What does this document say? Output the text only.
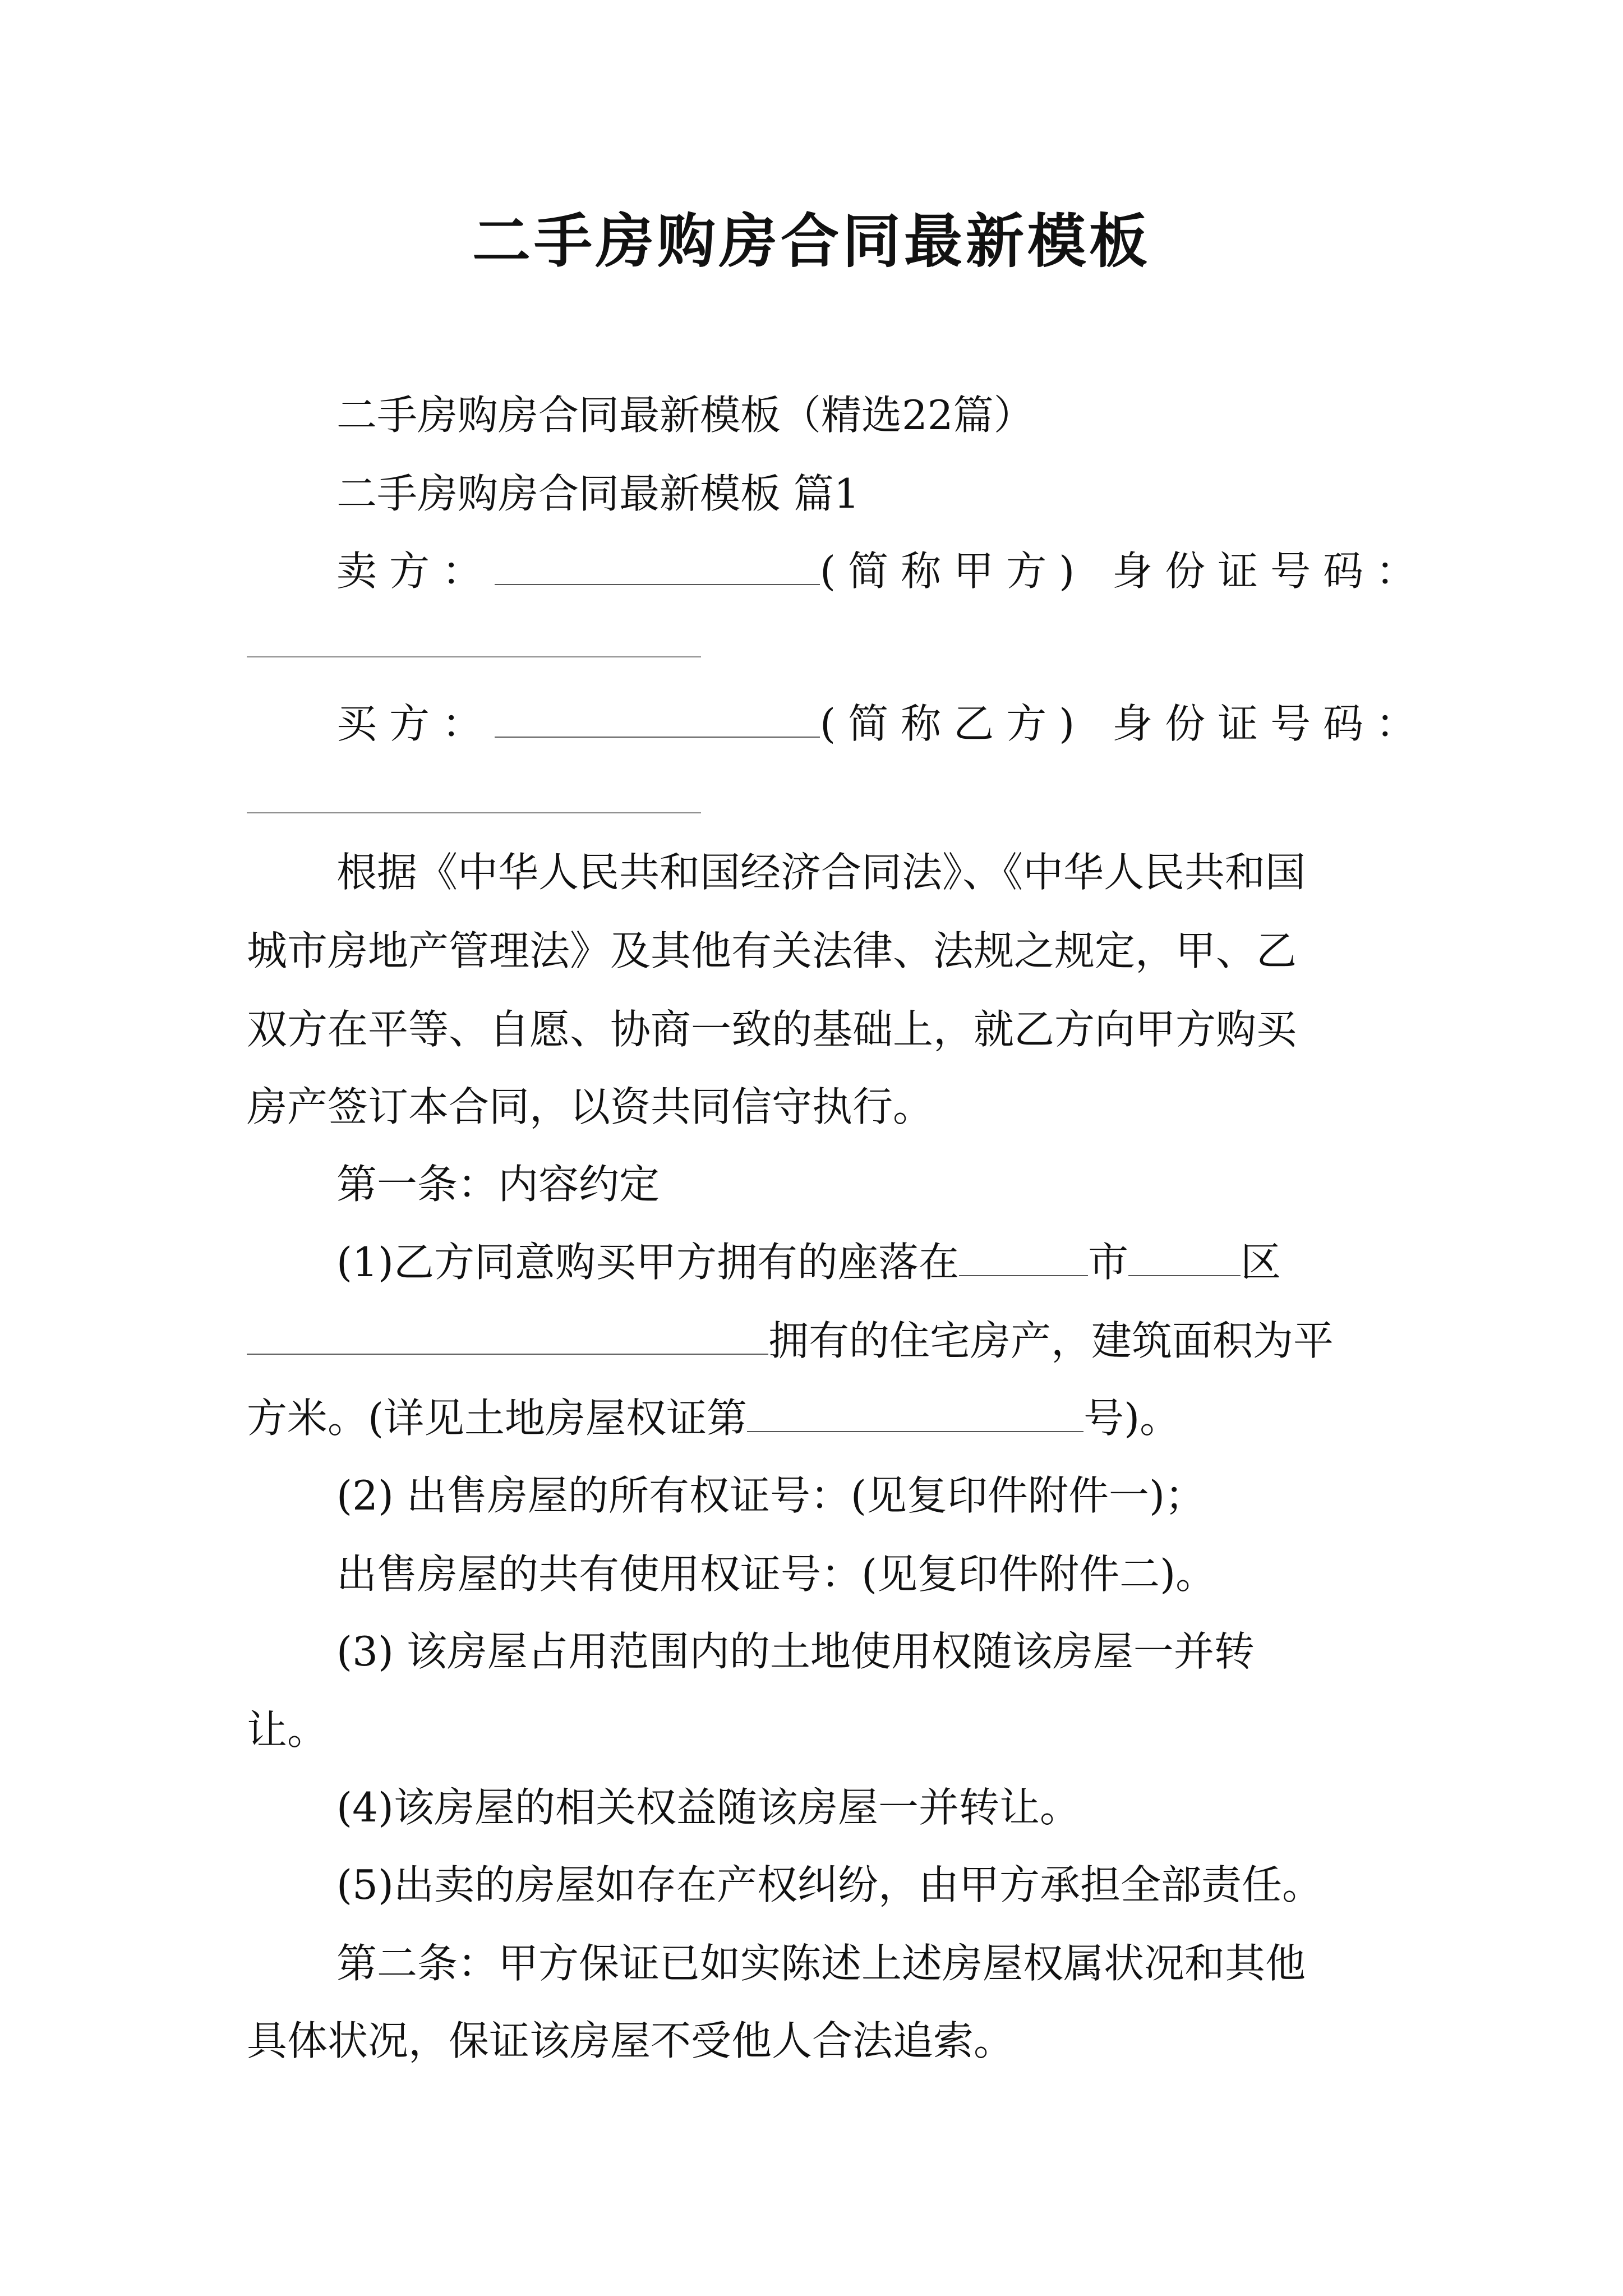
二手房购房合同最新模板
二手房购房合同最新模板（精选22篇）
二手房购房合同最新模板 篇1
卖方：	(简称甲方) 身份证号码：
买方：	(简称乙方) 身份证号码：
根据《中华人民共和国经济合同法》、《中华人民共和国
城市房地产管理法》及其他有关法律、法规之规定，甲、乙
双方在平等、自愿、协商一致的基础上，就乙方向甲方购买
房产签订本合同，以资共同信守执行。
第一条：内容约定
(1)乙方同意购买甲方拥有的座落在	市	区
拥有的住宅房产，建筑面积为平
方米。(详见土地房屋权证第	号)。
(2) 出售房屋的所有权证号：(见复印件附件一)；
出售房屋的共有使用权证号：(见复印件附件二)。
(3) 该房屋占用范围内的土地使用权随该房屋一并转
让。
(4)该房屋的相关权益随该房屋一并转让。
(5)出卖的房屋如存在产权纠纷，由甲方承担全部责任。
第二条：甲方保证已如实陈述上述房屋权属状况和其他
具体状况，保证该房屋不受他人合法追索。
